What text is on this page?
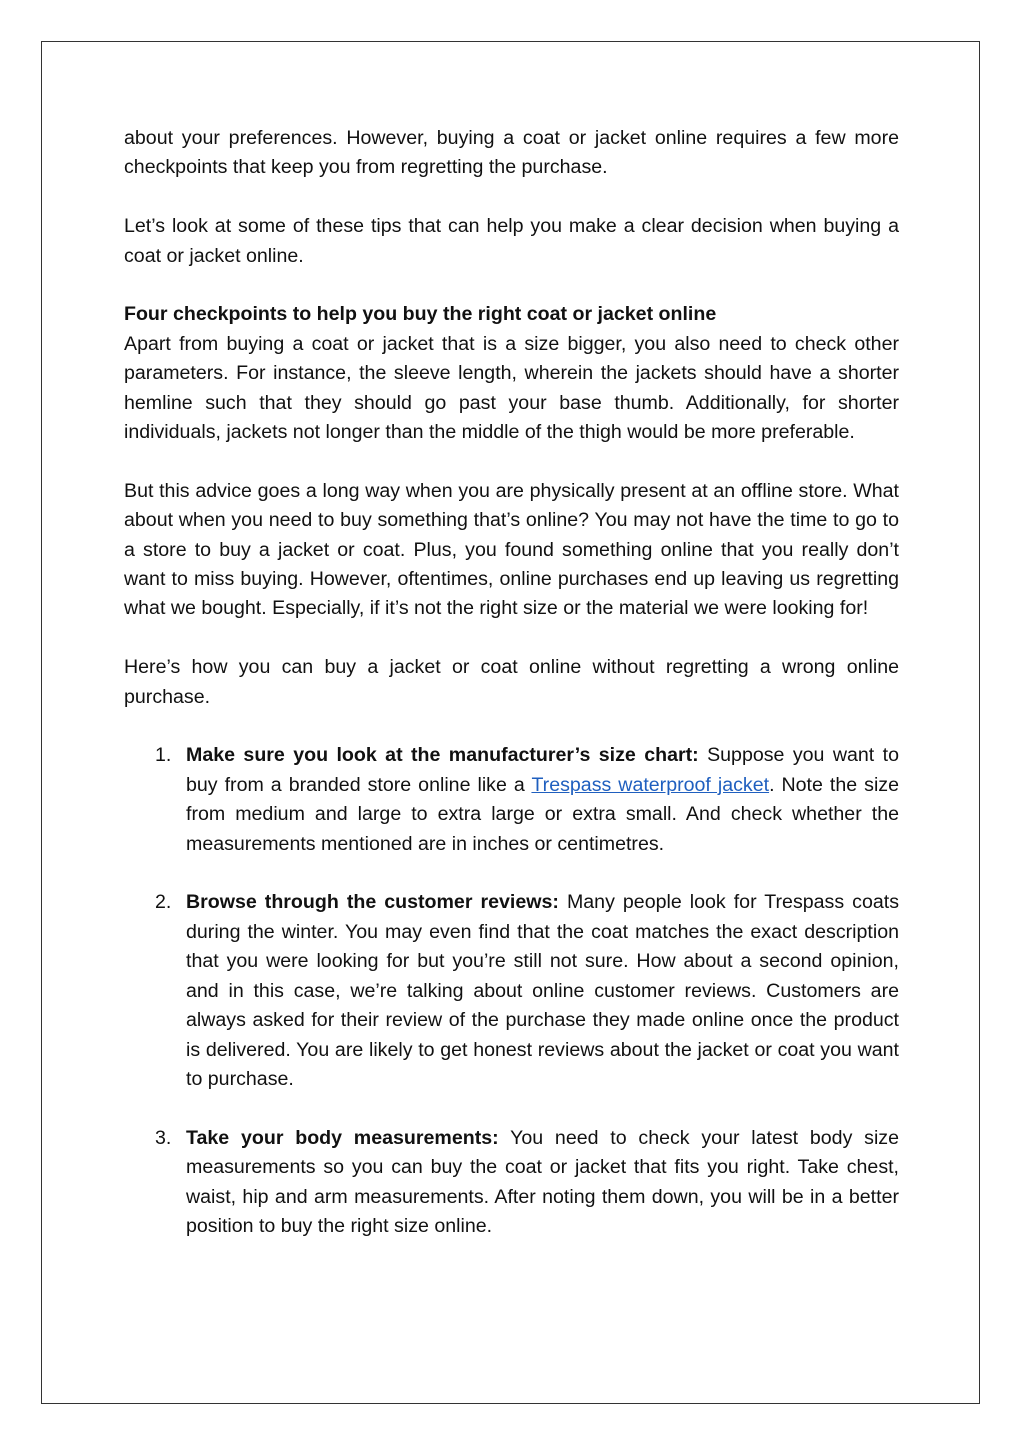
about your preferences. However, buying a coat or jacket online requires a few more checkpoints that keep you from regretting the purchase.

Let’s look at some of these tips that can help you make a clear decision when buying a coat or jacket online.

Four checkpoints to help you buy the right coat or jacket online

Apart from buying a coat or jacket that is a size bigger, you also need to check other parameters. For instance, the sleeve length, wherein the jackets should have a shorter hemline such that they should go past your base thumb. Additionally, for shorter individuals, jackets not longer than the middle of the thigh would be more preferable.

But this advice goes a long way when you are physically present at an offline store. What about when you need to buy something that’s online? You may not have the time to go to a store to buy a jacket or coat. Plus, you found something online that you really don’t want to miss buying. However, oftentimes, online purchases end up leaving us regretting what we bought. Especially, if it’s not the right size or the material we were looking for!

Here’s how you can buy a jacket or coat online without regretting a wrong online purchase.

1. Make sure you look at the manufacturer’s size chart: Suppose you want to buy from a branded store online like a Trespass waterproof jacket. Note the size from medium and large to extra large or extra small. And check whether the measurements mentioned are in inches or centimetres.
2. Browse through the customer reviews: Many people look for Trespass coats during the winter. You may even find that the coat matches the exact description that you were looking for but you’re still not sure. How about a second opinion, and in this case, we’re talking about online customer reviews. Customers are always asked for their review of the purchase they made online once the product is delivered. You are likely to get honest reviews about the jacket or coat you want to purchase.
3. Take your body measurements: You need to check your latest body size measurements so you can buy the coat or jacket that fits you right. Take chest, waist, hip and arm measurements. After noting them down, you will be in a better position to buy the right size online.
